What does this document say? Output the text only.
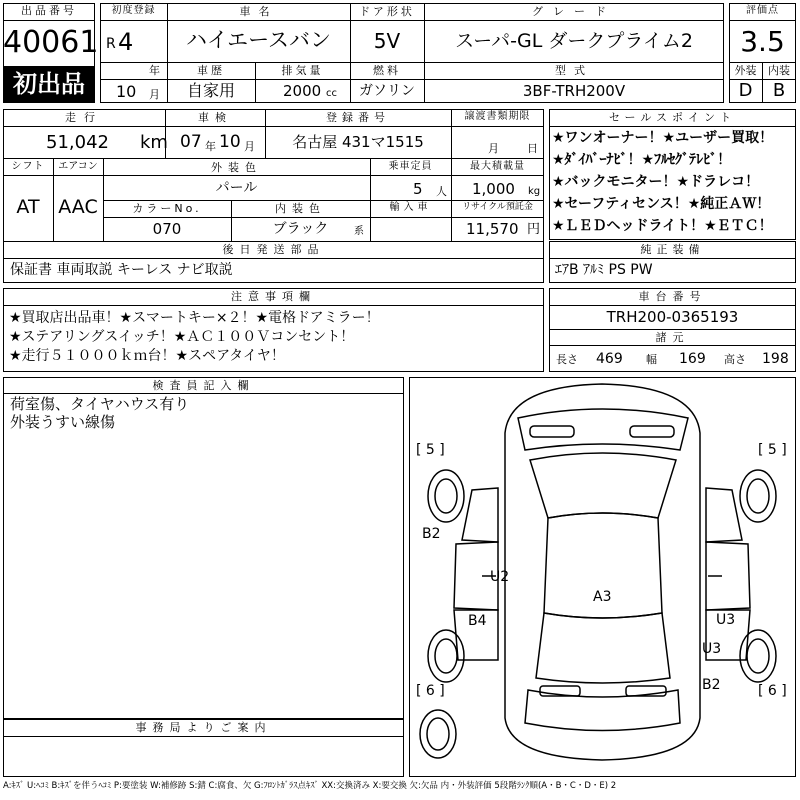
出品番号
40061
初出品
初度登録
R 4
年
10 月
車名
ハイエースバン
ドア形状
5V
グレード
スーパ-GL ダークプライム2
車歴
自家用
排気量
2000 cc
燃料
ガソリン
型式
3BF-TRH200V
評価点
3.5
外装	内装
D	B
走行
51,042 km
車検
07 年 10 月
登録番号
名古屋 431マ1515
譲渡書類期限
月	日
シフト
AT
エアコン
AAC
外装色
パール
乗車定員
5 人
最大積載量
1,000 kg
カラーNo.
070
内装色
ブラック	系
輸入車	リサイクル預託金
11,570 円
後日発送部品
保証書 車両取説 キーレス ナビ取説
セールスポイント
★ワンオーナー！★ユーザー買取！
★ﾀﾞｲﾊﾞｰﾅﾋﾞ！★ﾌﾙｾｸﾞﾃﾚﾋﾞ！
★バックモニター！★ドラレコ！
★セーフティセンス！★純正ＡＷ！
★ＬＥＤヘッドライト！★ＥＴＣ！
純正装備
ｴｱB ｱﾙﾐ PS PW
注意事項欄
★買取店出品車！★スマートキー×２！★電格ドアミラー！
★ステアリングスイッチ！★ＡＣ１００Ｖコンセント！
★走行５１０００ｋｍ台！★スペアタイヤ！
車台番号
TRH200-0365193
諸元
長さ 469 幅 169 高さ 198
検査員記入欄
荷室傷、タイヤハウス有り
外装うすい線傷
事務局よりご案内
[ 5 ]	[ 5 ]
[ 6 ]	[ 6 ]
B2
U2
A3
B4	U3
U3
B2
A:ｷｽﾞ U:ﾍｺﾐ B:ｷｽﾞを伴うﾍｺﾐ P:要塗装 W:補修跡 S:錆 C:腐食、欠 G:ﾌﾛﾝﾄｶﾞﾗｽ点ｷｽﾞ XX:交換済み X:要交換 欠:欠品 内・外装評価 5段階ﾗﾝｸ順(A・B・C・D・E) 2
